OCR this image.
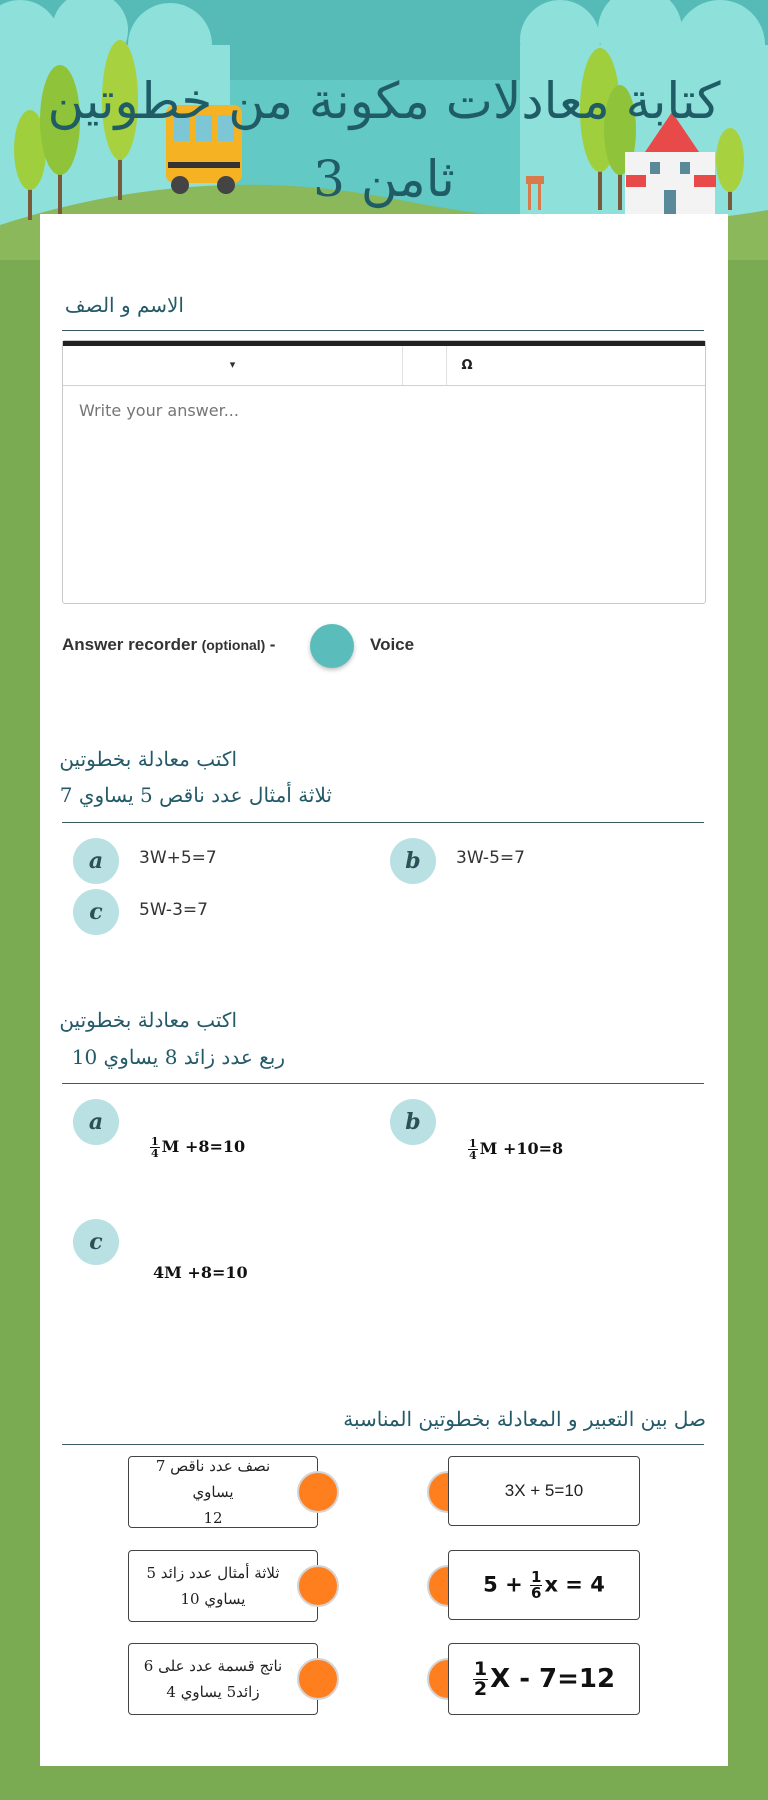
كتابة معادلات مكونة من خطوتين ثامن 3
الاسم و الصف
▾	Ω
Write your answer...
Answer recorder (optional) -	Voice
اكتب معادلة بخطوتين
ثلاثة أمثال عدد ناقص 5 يساوي 7
a	3W+5=7	b	3W-5=7
c	5W-3=7
اكتب معادلة بخطوتين
ربع عدد زائد 8 يساوي 10
a
$\frac{1}{4}$ M +8=10
b
$\frac{1}{4}$ M +10=8
c
4M +8=10
صل بين التعبير و المعادلة بخطوتين المناسبة
نصف عدد ناقص 7 يساوي
12
ثلاثة أمثال عدد زائد 5
يساوي 10
ناتج قسمة عدد على 6
زائد5 يساوي 4
3X + 5=10
$5 + \frac{1}{6}$ x = 4
$\frac{1}{2}$ X - 7=12
